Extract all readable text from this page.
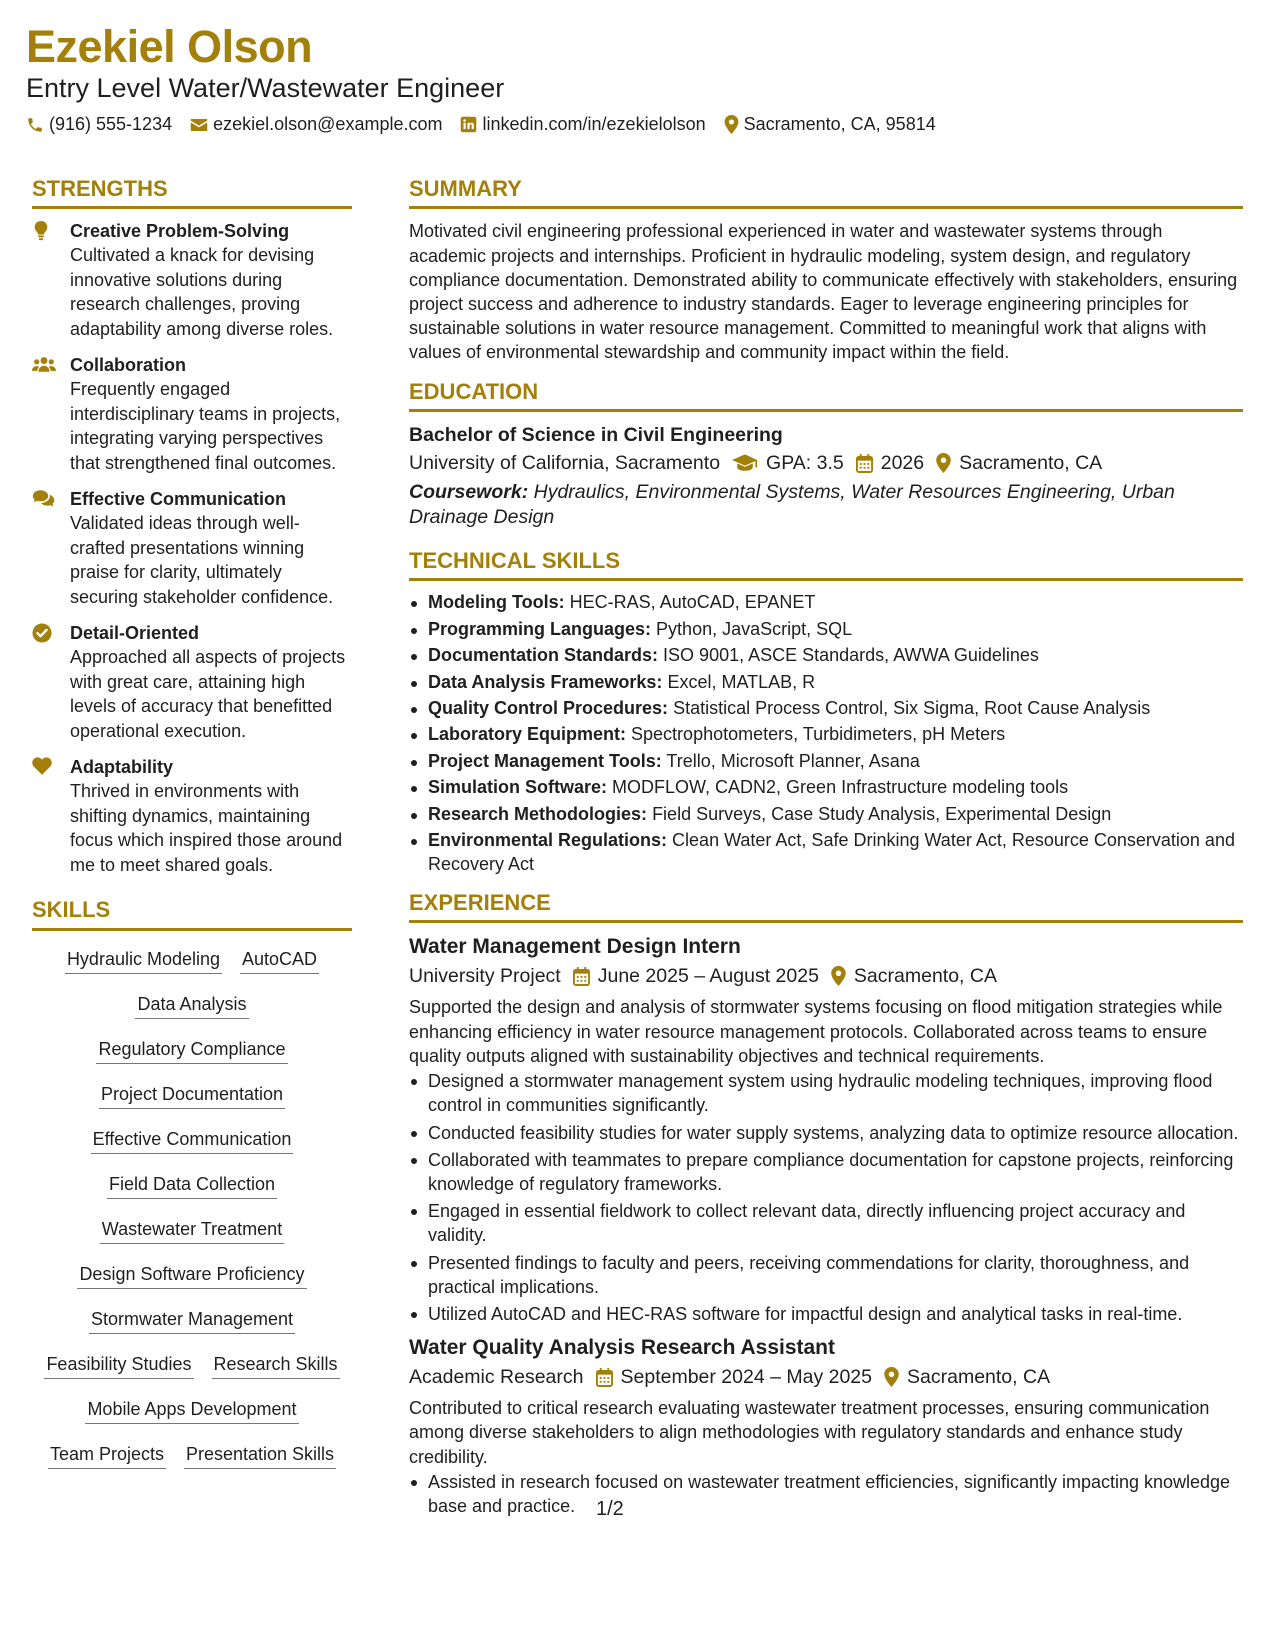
Ezekiel Olson
Entry Level Water/Wastewater Engineer
(916) 555-1234 ezekiel.olson@example.com linkedin.com/in/ezekielolson Sacramento, CA, 95814
STRENGTHS
Creative Problem-Solving
Cultivated a knack for devising innovative solutions during research challenges, proving adaptability among diverse roles.
Collaboration
Frequently engaged interdisciplinary teams in projects, integrating varying perspectives that strengthened final outcomes.
Effective Communication
Validated ideas through well-crafted presentations winning praise for clarity, ultimately securing stakeholder confidence.
Detail-Oriented
Approached all aspects of projects with great care, attaining high levels of accuracy that benefitted operational execution.
Adaptability
Thrived in environments with shifting dynamics, maintaining focus which inspired those around me to meet shared goals.
SKILLS
Hydraulic Modeling AutoCAD
Data Analysis
Regulatory Compliance
Project Documentation
Effective Communication
Field Data Collection
Wastewater Treatment
Design Software Proficiency
Stormwater Management
Feasibility Studies Research Skills
Mobile Apps Development
Team Projects Presentation Skills
SUMMARY
Motivated civil engineering professional experienced in water and wastewater systems through academic projects and internships. Proficient in hydraulic modeling, system design, and regulatory compliance documentation. Demonstrated ability to communicate effectively with stakeholders, ensuring project success and adherence to industry standards. Eager to leverage engineering principles for sustainable solutions in water resource management. Committed to meaningful work that aligns with values of environmental stewardship and community impact within the field.
EDUCATION
Bachelor of Science in Civil Engineering
University of California, Sacramento GPA: 3.5 2026 Sacramento, CA
Coursework: Hydraulics, Environmental Systems, Water Resources Engineering, Urban Drainage Design
TECHNICAL SKILLS
Modeling Tools: HEC-RAS, AutoCAD, EPANET
Programming Languages: Python, JavaScript, SQL
Documentation Standards: ISO 9001, ASCE Standards, AWWA Guidelines
Data Analysis Frameworks: Excel, MATLAB, R
Quality Control Procedures: Statistical Process Control, Six Sigma, Root Cause Analysis
Laboratory Equipment: Spectrophotometers, Turbidimeters, pH Meters
Project Management Tools: Trello, Microsoft Planner, Asana
Simulation Software: MODFLOW, CADN2, Green Infrastructure modeling tools
Research Methodologies: Field Surveys, Case Study Analysis, Experimental Design
Environmental Regulations: Clean Water Act, Safe Drinking Water Act, Resource Conservation and Recovery Act
EXPERIENCE
Water Management Design Intern
University Project June 2025 – August 2025 Sacramento, CA
Supported the design and analysis of stormwater systems focusing on flood mitigation strategies while enhancing efficiency in water resource management protocols. Collaborated across teams to ensure quality outputs aligned with sustainability objectives and technical requirements.
Designed a stormwater management system using hydraulic modeling techniques, improving flood control in communities significantly.
Conducted feasibility studies for water supply systems, analyzing data to optimize resource allocation.
Collaborated with teammates to prepare compliance documentation for capstone projects, reinforcing knowledge of regulatory frameworks.
Engaged in essential fieldwork to collect relevant data, directly influencing project accuracy and validity.
Presented findings to faculty and peers, receiving commendations for clarity, thoroughness, and practical implications.
Utilized AutoCAD and HEC-RAS software for impactful design and analytical tasks in real-time.
Water Quality Analysis Research Assistant
Academic Research September 2024 – May 2025 Sacramento, CA
Contributed to critical research evaluating wastewater treatment processes, ensuring communication among diverse stakeholders to align methodologies with regulatory standards and enhance study credibility.
Assisted in research focused on wastewater treatment efficiencies, significantly impacting knowledge base and practice.	1/2
